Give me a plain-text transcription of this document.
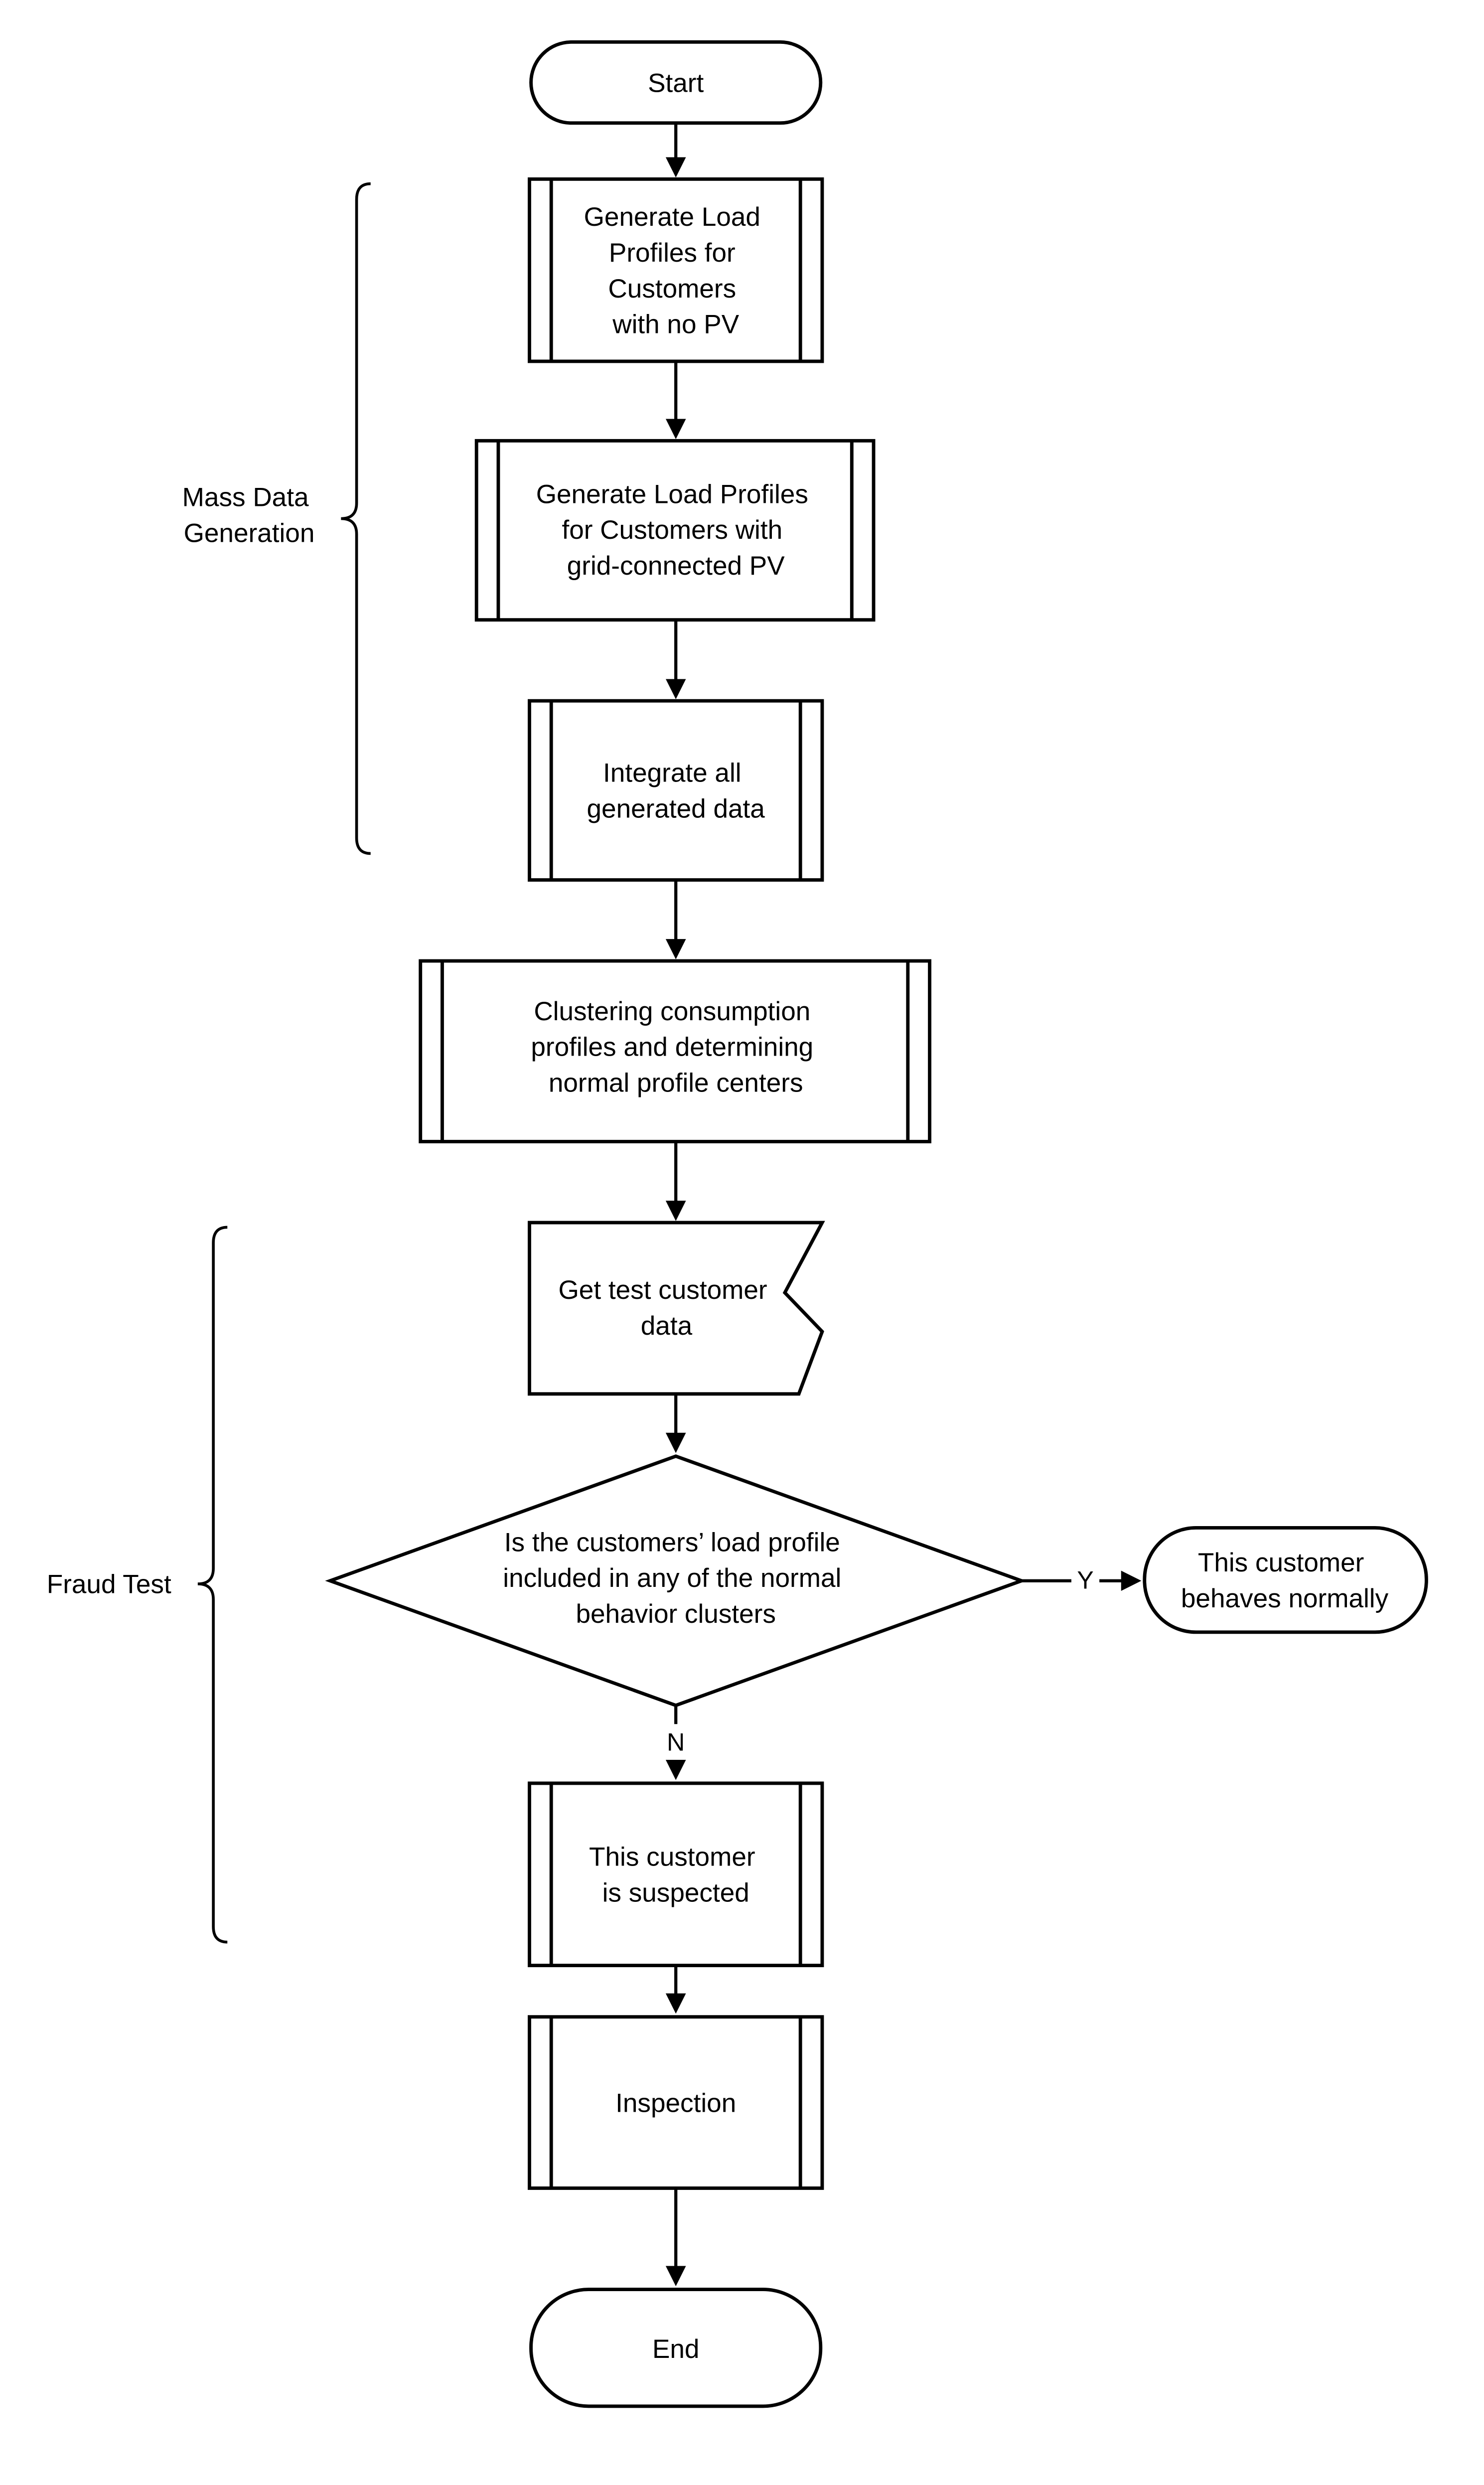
Mass Data Generation
Fraud Test	Y
N
Start
Generate Load Profiles for Customers with no PV
Generate Load Profiles for Customers with grid-connected PV
Integrate all generated data
Clustering consumption profiles and determining normal profile centers
Get test customer data
Is the customers’ load profile included in any of the normal behavior clusters
This customer behaves normally
This customer is suspected
Inspection
End
